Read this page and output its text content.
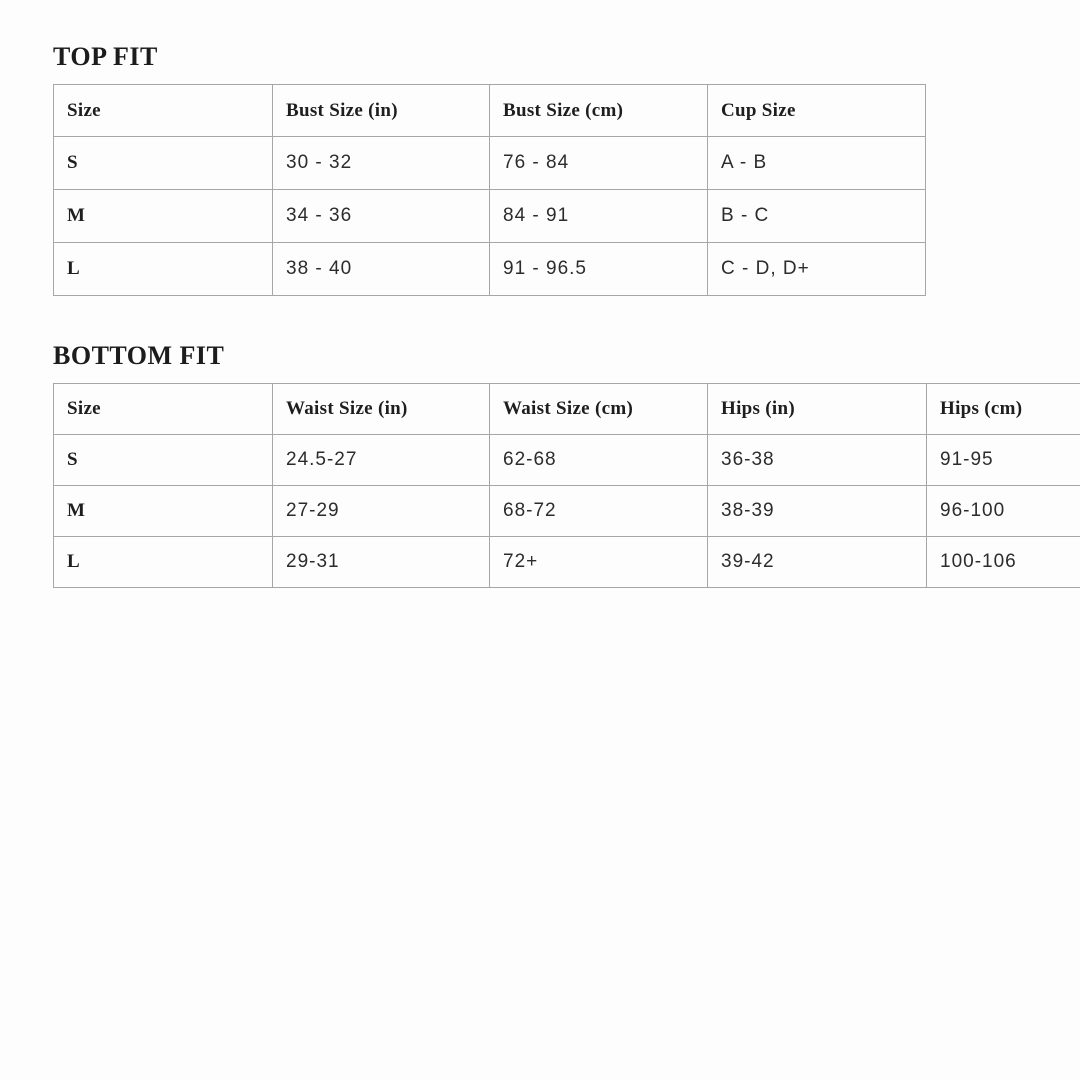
TOP FIT
Size	Bust Size (in)	Bust Size (cm)	Cup Size
S	30 - 32	76 - 84	A - B
M	34 - 36	84 - 91	B - C
L	38 - 40	91 - 96.5	C - D, D+
BOTTOM FIT
Size	Waist Size (in)	Waist Size (cm)	Hips (in)	Hips (cm)
S	24.5-27	62-68	36-38	91-95
M	27-29	68-72	38-39	96-100
L	29-31	72+	39-42	100-106
